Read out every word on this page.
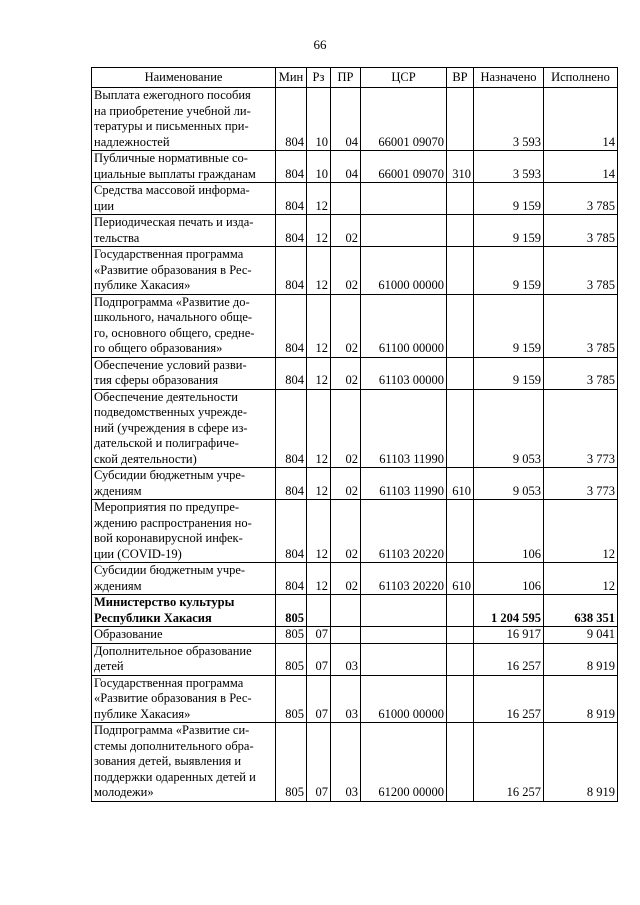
66
Наименование	Мин	Рз	ПР	ЦСР	ВР	Назначено	Исполнено
Выплата ежегодного пособия
на приобретение учебной ли-
тературы и письменных при-
надлежностей	804	10	04	66001 09070		3 593	14
Публичные нормативные со-
циальные выплаты гражданам	804	10	04	66001 09070	310	3 593	14
Средства массовой информа-
ции	804	12				9 159	3 785
Периодическая печать и изда-
тельства	804	12	02			9 159	3 785
Государственная программа
«Развитие образования в Рес-
публике Хакасия»	804	12	02	61000 00000		9 159	3 785
Подпрограмма «Развитие до-
школьного, начального обще-
го, основного общего, средне-
го общего образования»	804	12	02	61100 00000		9 159	3 785
Обеспечение условий разви-
тия сферы образования	804	12	02	61103 00000		9 159	3 785
Обеспечение деятельности
подведомственных учрежде-
ний (учреждения в сфере из-
дательской и полиграфиче-
ской деятельности)	804	12	02	61103 11990		9 053	3 773
Субсидии бюджетным учре-
ждениям	804	12	02	61103 11990	610	9 053	3 773
Мероприятия по предупре-
ждению распространения но-
вой коронавирусной инфек-
ции (COVID-19)	804	12	02	61103 20220		106	12
Субсидии бюджетным учре-
ждениям	804	12	02	61103 20220	610	106	12
Министерство культуры
Республики Хакасия	805					1 204 595	638 351
Образование	805	07				16 917	9 041
Дополнительное образование
детей	805	07	03			16 257	8 919
Государственная программа
«Развитие образования в Рес-
публике Хакасия»	805	07	03	61000 00000		16 257	8 919
Подпрограмма «Развитие си-
стемы дополнительного обра-
зования детей, выявления и
поддержки одаренных детей и
молодежи»	805	07	03	61200 00000		16 257	8 919
